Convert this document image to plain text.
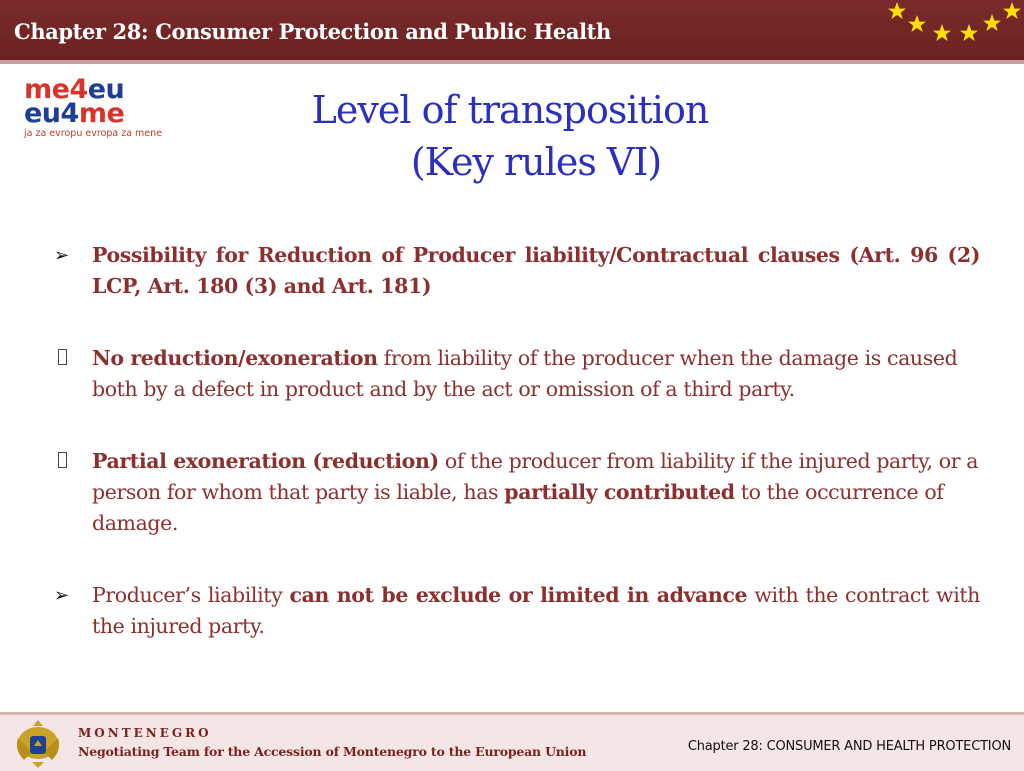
Chapter 28: Consumer Protection and Public Health
me4eu
eu4me
ja za evropu evropa za mene
Level of transposition
(Key rules VI)
➢	Possibility for Reduction of Producer liability/Contractual clauses (Art. 96 (2) LCP, Art. 180 (3) and Art. 181)
No reduction/exoneration from liability of the producer when the damage is caused both by a defect in product and by the act or omission of a third party.
Partial exoneration (reduction) of the producer from liability if the injured party, or a person for whom that party is liable, has partially contributed to the occurrence of damage.
➢	Producer’s liability can not be exclude or limited in advance with the contract with the injured party.
MONTENEGRO
Negotiating Team for the Accession of Montenegro to the European Union	Chapter 28: CONSUMER AND HEALTH PROTECTION
